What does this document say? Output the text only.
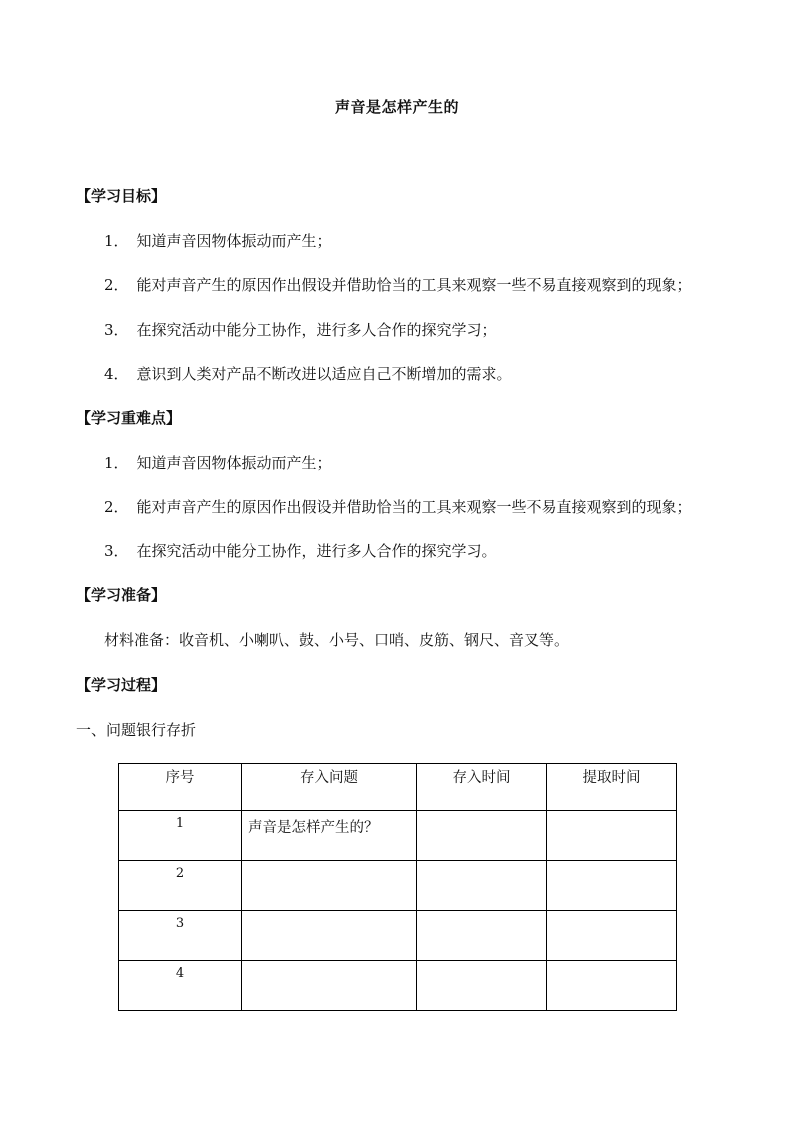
声音是怎样产生的
【学习目标】
1． 知道声音因物体振动而产生；
2． 能对声音产生的原因作出假设并借助恰当的工具来观察一些不易直接观察到的现象；
3． 在探究活动中能分工协作，进行多人合作的探究学习；
4． 意识到人类对产品不断改进以适应自己不断增加的需求。
【学习重难点】
1． 知道声音因物体振动而产生；
2． 能对声音产生的原因作出假设并借助恰当的工具来观察一些不易直接观察到的现象；
3． 在探究活动中能分工协作，进行多人合作的探究学习。
【学习准备】
材料准备：收音机、小喇叭、鼓、小号、口哨、皮筋、钢尺、音叉等。
【学习过程】
一、问题银行存折
序号	存入问题	存入时间	提取时间
1	声音是怎样产生的？		
2			
3			
4			
